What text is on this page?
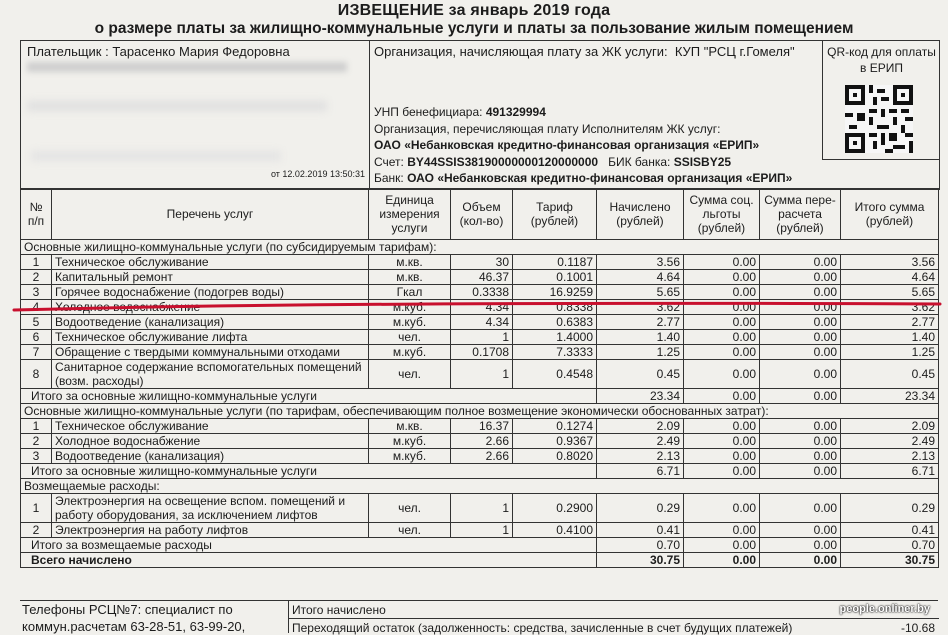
ИЗВЕЩЕНИЕ за январь 2019 года
о размере платы за жилищно-коммунальные услуги и платы за пользование жилым помещением
Плательщик : Тарасенко Мария Федоровна
от 12.02.2019 13:50:31
Организация, начисляющая плату за ЖК услуги: КУП "РСЦ г.Гомеля"
УНП бенефициара: 491329994
Организация, перечисляющая плату Исполнителям ЖК услуг:
ОАО «Небанковская кредитно-финансовая организация «ЕРИП»
Счет: BY44SSIS38190000000120000000 БИК банка: SSISBY25
Банк: ОАО «Небанковская кредитно-финансовая организация «ЕРИП»
QR-код для оплаты в ЕРИП
№ п/п	Перечень услуг	Единица измерения услуги	Объем (кол-во)	Тариф (рублей)	Начислено (рублей)	Сумма соц. льготы (рублей)	Сумма пере-расчета (рублей)	Итого сумма (рублей)
Основные жилищно-коммунальные услуги (по субсидируемым тарифам):								
1	Техническое обслуживание	м.кв.	30	0.1187	3.56	0.00	0.00	3.56
2	Капитальный ремонт	м.кв.	46.37	0.1001	4.64	0.00	0.00	4.64
3	Горячее водоснабжение (подогрев воды)	Гкал	0.3338	16.9259	5.65	0.00	0.00	5.65
4	Холодное водоснабжение	м.куб.	4.34	0.8338	3.62	0.00	0.00	3.62
5	Водоотведение (канализация)	м.куб.	4.34	0.6383	2.77	0.00	0.00	2.77
6	Техническое обслуживание лифта	чел.	1	1.4000	1.40	0.00	0.00	1.40
7	Обращение с твердыми коммунальными отходами	м.куб.	0.1708	7.3333	1.25	0.00	0.00	1.25
8	Санитарное содержание вспомогательных помещений (возм. расходы)	чел.	1	0.4548	0.45	0.00	0.00	0.45
Итого за основные жилищно-коммунальные услуги					23.34	0.00	0.00	23.34
Основные жилищно-коммунальные услуги (по тарифам, обеспечивающим полное возмещение экономически обоснованных затрат):								
1	Техническое обслуживание	м.кв.	16.37	0.1274	2.09	0.00	0.00	2.09
2	Холодное водоснабжение	м.куб.	2.66	0.9367	2.49	0.00	0.00	2.49
3	Водоотведение (канализация)	м.куб.	2.66	0.8020	2.13	0.00	0.00	2.13
Итого за основные жилищно-коммунальные услуги					6.71	0.00	0.00	6.71
Возмещаемые расходы:								
1	Электроэнергия на освещение вспом. помещений и работу оборудования, за исключением лифтов	чел.	1	0.2900	0.29	0.00	0.00	0.29
2	Электроэнергия на работу лифтов	чел.	1	0.4100	0.41	0.00	0.00	0.41
Итого за возмещаемые расходы					0.70	0.00	0.00	0.70
Всего начислено					30.75	0.00	0.00	30.75
Телефоны РСЦ№7: специалист по
коммун.расчетам 63-28-51, 63-99-20,
Итого начислено
Переходящий остаток (задолженность: средства, зачисленные в счет будущих платежей)	-10.68
people.onliner.by
